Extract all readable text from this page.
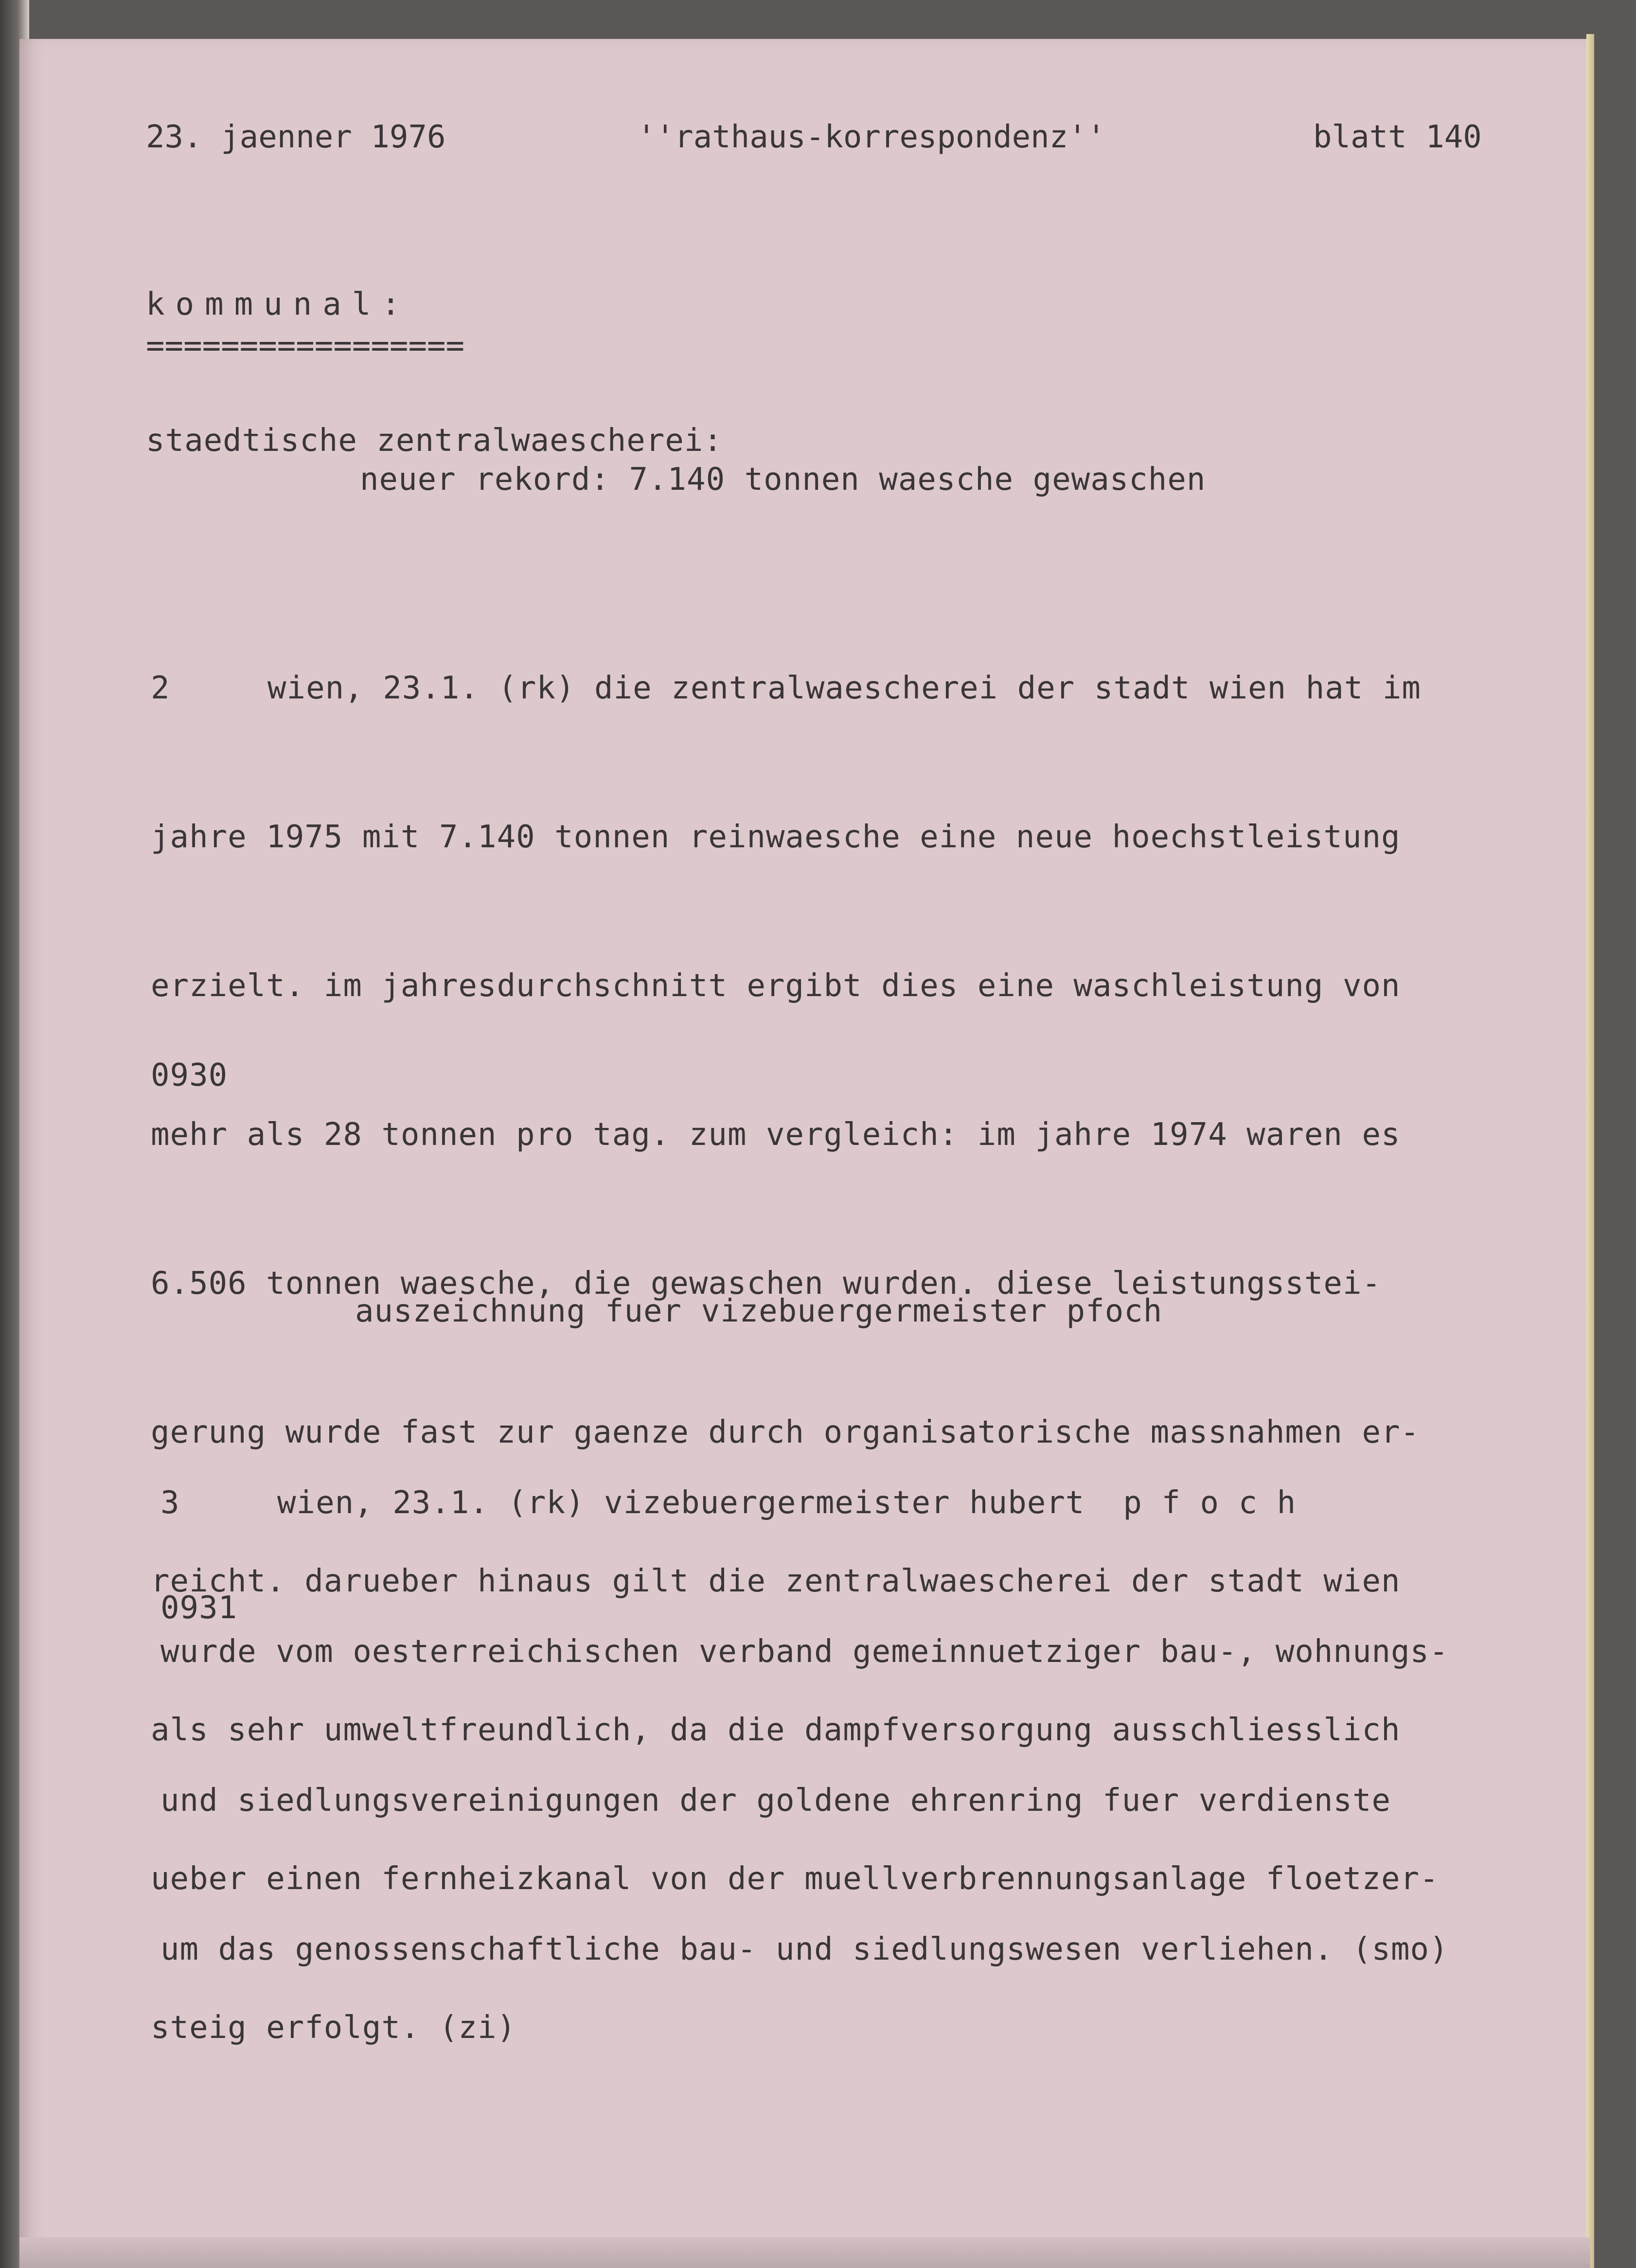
23. jaenner 1976	''rathaus-korrespondenz''	blatt 140
kommunal:
=================
staedtische zentralwaescherei:
neuer rekord: 7.140 tonnen waesche gewaschen

2	wien, 23.1. (rk) die zentralwaescherei der stadt wien hat im

jahre 1975 mit 7.140 tonnen reinwaesche eine neue hoechstleistung

erzielt. im jahresdurchschnitt ergibt dies eine waschleistung von

mehr als 28 tonnen pro tag. zum vergleich: im jahre 1974 waren es

6.506 tonnen waesche, die gewaschen wurden. diese leistungsstei-

gerung wurde fast zur gaenze durch organisatorische massnahmen er-

reicht. darueber hinaus gilt die zentralwaescherei der stadt wien

als sehr umweltfreundlich, da die dampfversorgung ausschliesslich

ueber einen fernheizkanal von der muellverbrennungsanlage floetzer-

steig erfolgt. (zi)

0930
auszeichnung fuer vizebuergermeister pfoch

3	wien, 23.1. (rk) vizebuergermeister hubert  p f o c h

wurde vom oesterreichischen verband gemeinnuetziger bau-, wohnungs-

und siedlungsvereinigungen der goldene ehrenring fuer verdienste

um das genossenschaftliche bau- und siedlungswesen verliehen. (smo)

0931
